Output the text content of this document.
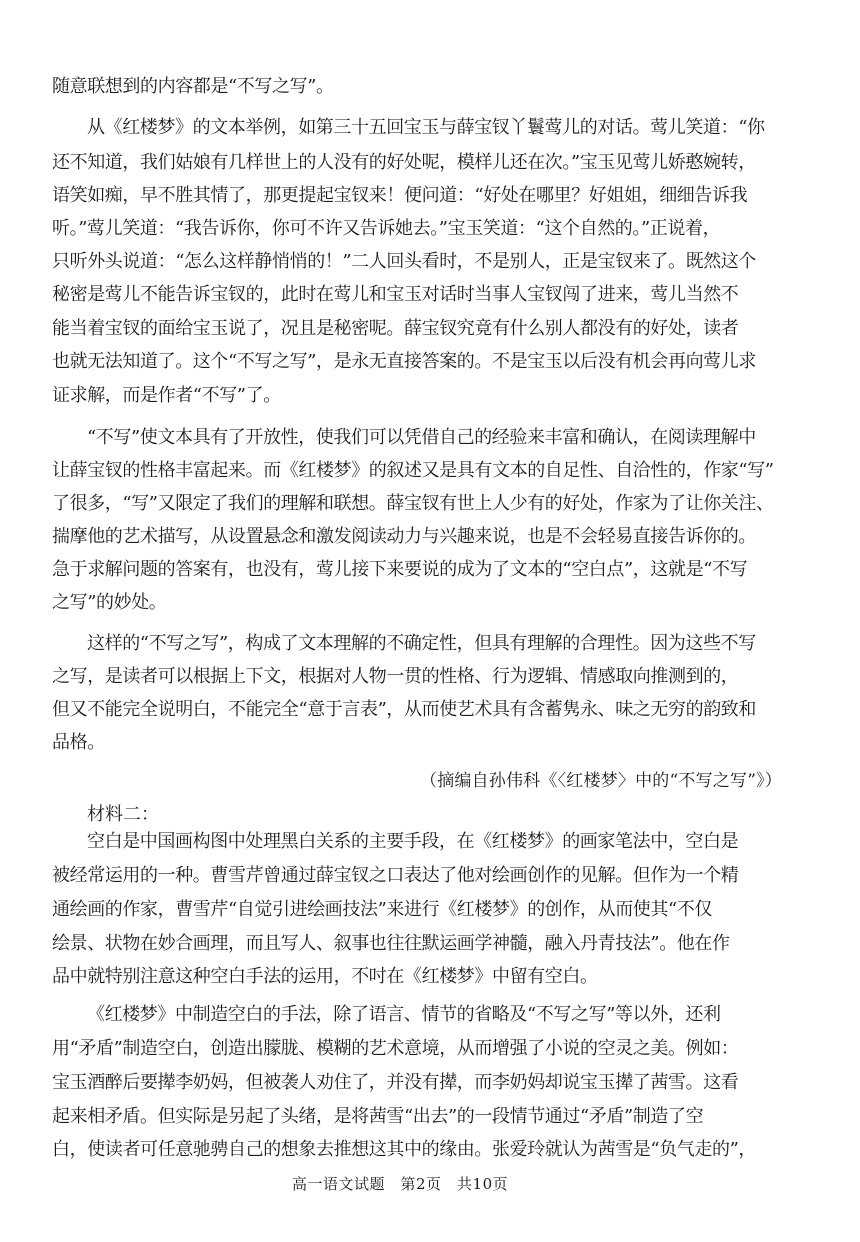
随意联想到的内容都是“不写之写”。
从《红楼梦》的文本举例，如第三十五回宝玉与薛宝钗丫鬟莺儿的对话。莺儿笑道：“你
还不知道，我们姑娘有几样世上的人没有的好处呢，模样儿还在次。”宝玉见莺儿娇憨婉转，
语笑如痴，早不胜其情了，那更提起宝钗来！便问道：“好处在哪里？好姐姐，细细告诉我
听。”莺儿笑道：“我告诉你，你可不许又告诉她去。”宝玉笑道：“这个自然的。”正说着，
只听外头说道：“怎么这样静悄悄的！”二人回头看时，不是别人，正是宝钗来了。既然这个
秘密是莺儿不能告诉宝钗的，此时在莺儿和宝玉对话时当事人宝钗闯了进来，莺儿当然不
能当着宝钗的面给宝玉说了，况且是秘密呢。薛宝钗究竟有什么别人都没有的好处，读者
也就无法知道了。这个“不写之写”，是永无直接答案的。不是宝玉以后没有机会再向莺儿求
证求解，而是作者“不写”了。
“不写”使文本具有了开放性，使我们可以凭借自己的经验来丰富和确认，在阅读理解中
让薛宝钗的性格丰富起来。而《红楼梦》的叙述又是具有文本的自足性、自洽性的，作家“写”
了很多，“写”又限定了我们的理解和联想。薛宝钗有世上人少有的好处，作家为了让你关注、
揣摩他的艺术描写，从设置悬念和激发阅读动力与兴趣来说，也是不会轻易直接告诉你的。
急于求解问题的答案有，也没有，莺儿接下来要说的成为了文本的“空白点”，这就是“不写
之写”的妙处。
这样的“不写之写”，构成了文本理解的不确定性，但具有理解的合理性。因为这些不写
之写，是读者可以根据上下文，根据对人物一贯的性格、行为逻辑、情感取向推测到的，
但又不能完全说明白，不能完全“意于言表”，从而使艺术具有含蓄隽永、味之无穷的韵致和
品格。
（摘编自孙伟科《〈红楼梦〉中的“不写之写”》）
材料二：
空白是中国画构图中处理黑白关系的主要手段，在《红楼梦》的画家笔法中，空白是
被经常运用的一种。曹雪芹曾通过薛宝钗之口表达了他对绘画创作的见解。但作为一个精
通绘画的作家，曹雪芹“自觉引进绘画技法”来进行《红楼梦》的创作，从而使其“不仅
绘景、状物在妙合画理，而且写人、叙事也往往默运画学神髓，融入丹青技法”。他在作
品中就特别注意这种空白手法的运用，不吋在《红楼梦》中留有空白。
《红楼梦》中制造空白的手法，除了语言、情节的省略及“不写之写”等以外，还利
用“矛盾”制造空白，创造出朦胧、模糊的艺术意境，从而增强了小说的空灵之美。例如：
宝玉酒醉后要撵李奶妈，但被袭人劝住了，并没有撵，而李奶妈却说宝玉撵了茜雪。这看
起来相矛盾。但实际是另起了头绪，是将茜雪“出去”的一段情节通过“矛盾”制造了空
白，使读者可任意驰骋自己的想象去推想这其中的缘由。张爱玲就认为茜雪是“负气走的”，
高一语文试题　第2页　共10页
